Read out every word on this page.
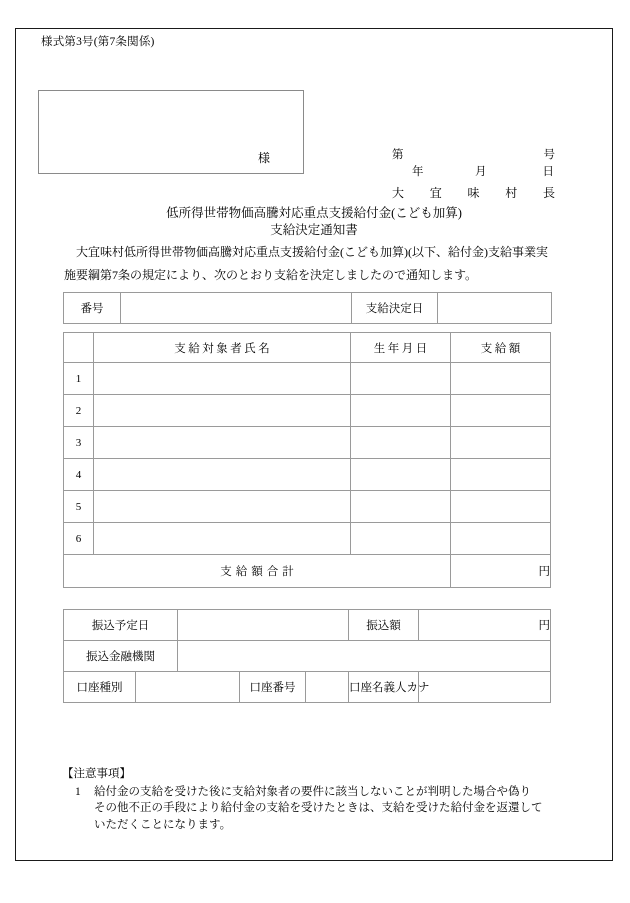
様式第3号(第7条関係)
様	第	号
年	月	日
大 宜 味 村 長
低所得世帯物価高騰対応重点支援給付金(こども加算)
支給決定通知書
大宜味村低所得世帯物価高騰対応重点支援給付金(こども加算)(以下、給付金)支給事業実
施要綱第7条の規定により、次のとおり支給を決定しましたので通知します。
番号		支給決定日	
	支給対象者氏名	生年月日	支給額
1			
2			
3			
4			
5			
6			
支給額合計			円
振込予定日					振込額	円
振込金融機関						
口座種別			口座番号		口座名義人カナ	
【注意事項】
1 給付金の支給を受けた後に支給対象者の要件に該当しないことが判明した場合や偽り
その他不正の手段により給付金の支給を受けたときは、支給を受けた給付金を返還して
いただくことになります。
